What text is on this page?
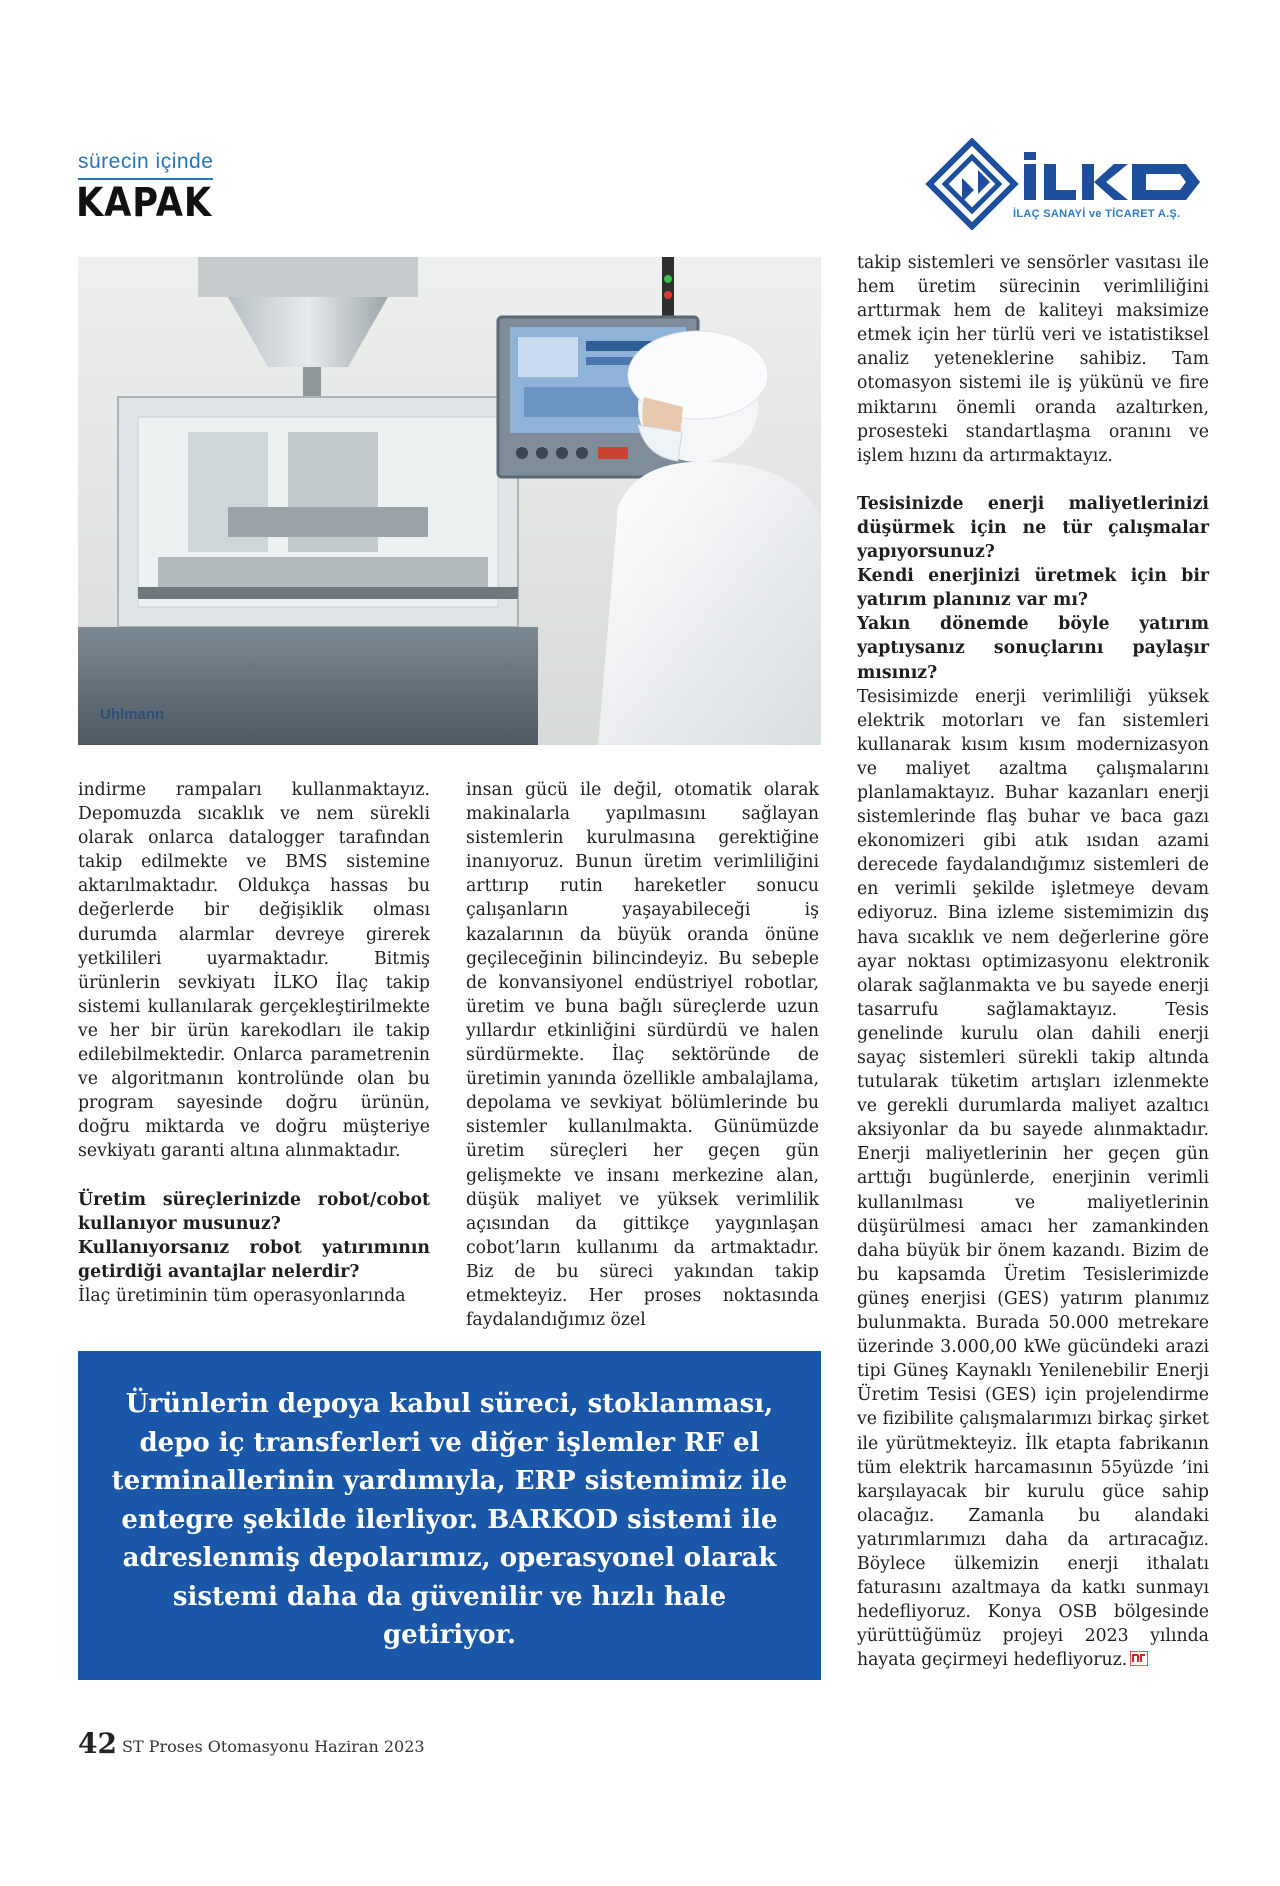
sürecin içinde
KAPAK	İLAÇ SANAYİ ve TİCARET A.Ş.
Uhlmann

indirme rampaları kullanmaktayız. Depomuzda sıcaklık ve nem sürekli olarak onlarca datalogger tarafından takip edilmekte ve BMS sistemine aktarılmaktadır. Oldukça hassas bu değerlerde bir değişiklik olması durumda alarmlar devreye girerek yetkilileri uyarmaktadır. Bitmiş ürünlerin sevkiyatı İLKO İlaç takip sistemi kullanılarak gerçekleştirilmekte ve her bir ürün karekodları ile takip edilebilmektedir. Onlarca parametrenin ve algoritmanın kontrolünde olan bu program sayesinde doğru ürünün, doğru miktarda ve doğru müşteriye sevkiyatı garanti altına alınmaktadır.

Üretim süreçlerinizde robot/cobot kullanıyor musunuz?

Kullanıyorsanız robot yatırımının getirdiği avantajlar nelerdir?

İlaç üretiminin tüm operasyonlarında

insan gücü ile değil, otomatik olarak makinalarla yapılmasını sağlayan sistemlerin kurulmasına gerektiğine inanıyoruz. Bunun üretim verimliliğini arttırıp rutin hareketler sonucu çalışanların yaşayabileceği iş kazalarının da büyük oranda önüne geçileceğinin bilincindeyiz. Bu sebeple de konvansiyonel endüstriyel robotlar, üretim ve buna bağlı süreçlerde uzun yıllardır etkinliğini sürdürdü ve halen sürdürmekte. İlaç sektöründe de üretimin yanında özellikle ambalajlama, depolama ve sevkiyat bölümlerinde bu sistemler kullanılmakta. Günümüzde üretim süreçleri her geçen gün gelişmekte ve insanı merkezine alan, düşük maliyet ve yüksek verimlilik açısından da gittikçe yaygınlaşan cobot’ların kullanımı da artmaktadır. Biz de bu süreci yakından takip etmekteyiz. Her proses noktasında faydalandığımız özel

takip sistemleri ve sensörler vasıtası ile hem üretim sürecinin verimliliğini arttırmak hem de kaliteyi maksimize etmek için her türlü veri ve istatistiksel analiz yeteneklerine sahibiz. Tam otomasyon sistemi ile iş yükünü ve fire miktarını önemli oranda azaltırken, prosesteki standartlaşma oranını ve işlem hızını da artırmaktayız.

Tesisinizde enerji maliyetlerinizi düşürmek için ne tür çalışmalar yapıyorsunuz?

Kendi enerjinizi üretmek için bir yatırım planınız var mı?

Yakın dönemde böyle yatırım yaptıysanız sonuçlarını paylaşır mısınız?

Tesisimizde enerji verimliliği yüksek elektrik motorları ve fan sistemleri kullanarak kısım kısım modernizasyon ve maliyet azaltma çalışmalarını planlamaktayız. Buhar kazanları enerji sistemlerinde flaş buhar ve baca gazı ekonomizeri gibi atık ısıdan azami derecede faydalandığımız sistemleri de en verimli şekilde işletmeye devam ediyoruz. Bina izleme sistemimizin dış hava sıcaklık ve nem değerlerine göre ayar noktası optimizasyonu elektronik olarak sağlanmakta ve bu sayede enerji tasarrufu sağlamaktayız. Tesis genelinde kurulu olan dahili enerji sayaç sistemleri sürekli takip altında tutularak tüketim artışları izlenmekte ve gerekli durumlarda maliyet azaltıcı aksiyonlar da bu sayede alınmaktadır. Enerji maliyetlerinin her geçen gün arttığı bugünlerde, enerjinin verimli kullanılması ve maliyetlerinin düşürülmesi amacı her zamankinden daha büyük bir önem kazandı. Bizim de bu kapsamda Üretim Tesislerimizde güneş enerjisi (GES) yatırım planımız bulunmakta. Burada 50.000 metrekare üzerinde 3.000,00 kWe gücündeki arazi tipi Güneş Kaynaklı Yenilenebilir Enerji Üretim Tesisi (GES) için projelendirme ve fizibilite çalışmalarımızı birkaç şirket ile yürütmekteyiz. İlk etapta fabrikanın tüm elektrik harcamasının 55yüzde ’ini karşılayacak bir kurulu güce sahip olacağız. Zamanla bu alandaki yatırımlarımızı daha da artıracağız. Böylece ülkemizin enerji ithalatı faturasını azaltmaya da katkı sunmayı hedefliyoruz. Konya OSB bölgesinde yürüttüğümüz projeyi 2023 yılında hayata geçirmeyi hedefliyoruz.

Ürünlerin depoya kabul süreci, stoklanması, depo iç transferleri ve diğer işlemler RF el terminallerinin yardımıyla, ERP sistemimiz ile entegre şekilde ilerliyor. BARKOD sistemi ile adreslenmiş depolarımız, operasyonel olarak sistemi daha da güvenilir ve hızlı hale getiriyor.

42 ST Proses Otomasyonu Haziran 2023
